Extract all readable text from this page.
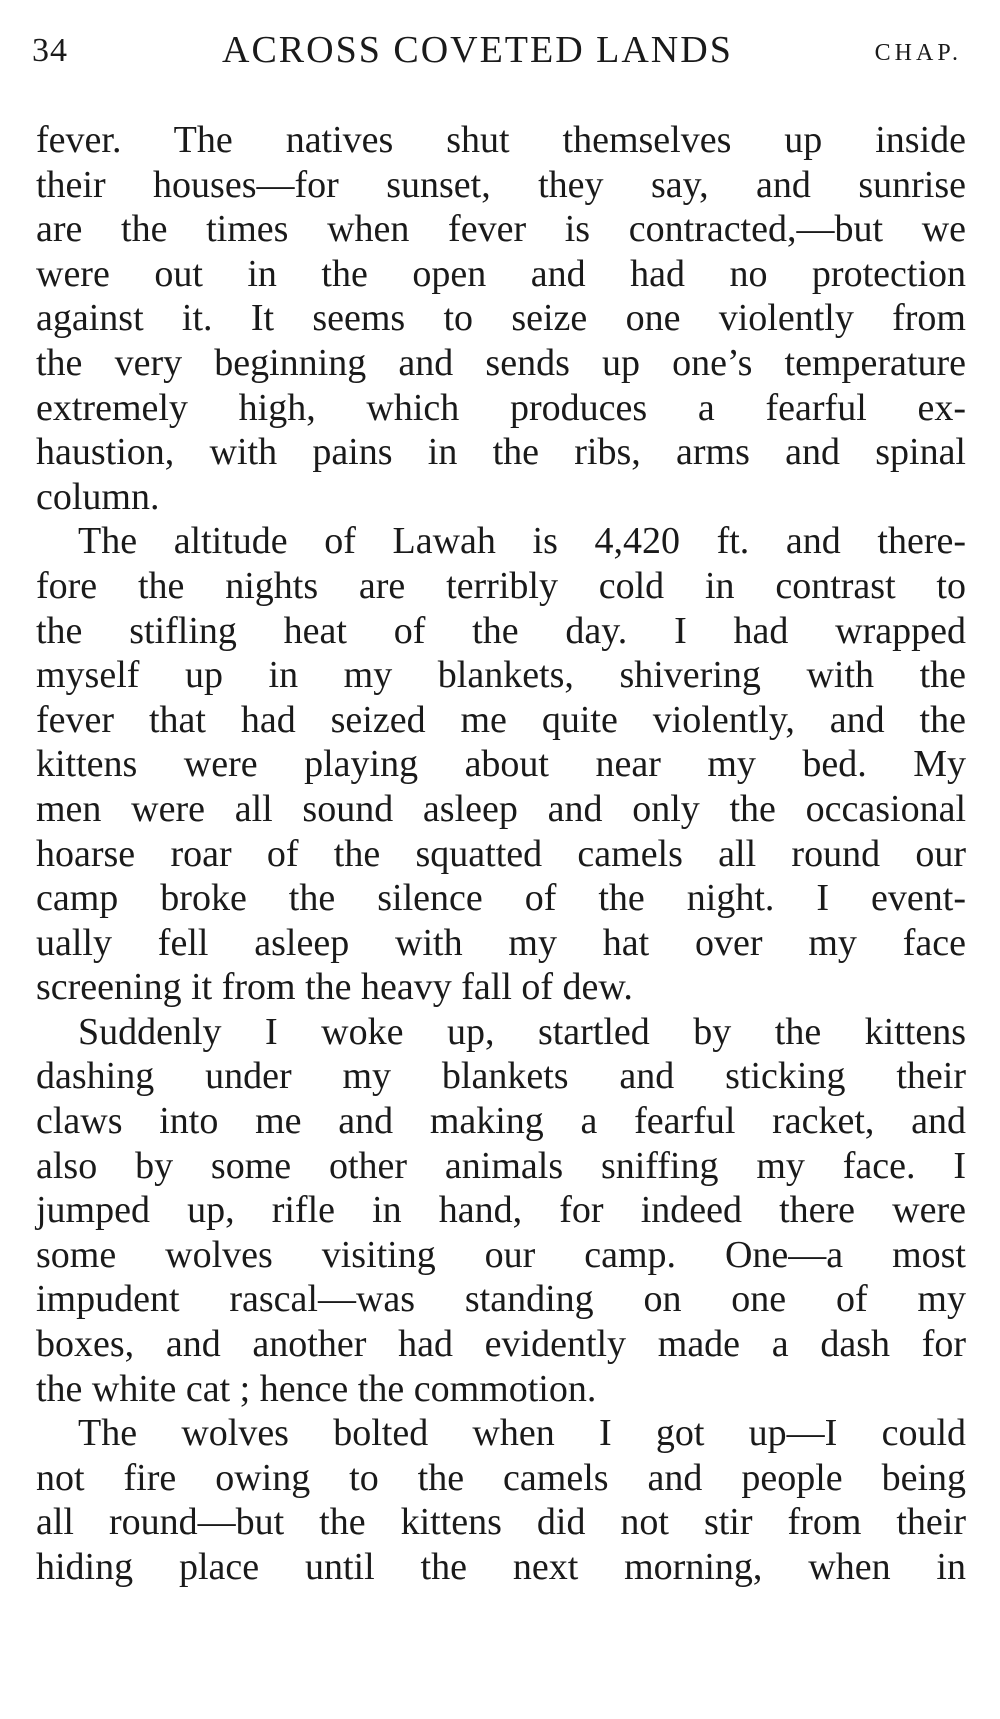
34	ACROSS COVETED LANDS	CHAP.
fever. The natives shut themselves up inside
their houses—for sunset, they say, and sunrise
are the times when fever is contracted,—but we
were out in the open and had no protection
against it. It seems to seize one violently from
the very beginning and sends up one’s temperature
extremely high, which produces a fearful ex-
haustion, with pains in the ribs, arms and spinal
column.
The altitude of Lawah is 4,420 ft. and there-
fore the nights are terribly cold in contrast to
the stifling heat of the day. I had wrapped
myself up in my blankets, shivering with the
fever that had seized me quite violently, and the
kittens were playing about near my bed. My
men were all sound asleep and only the occasional
hoarse roar of the squatted camels all round our
camp broke the silence of the night. I event-
ually fell asleep with my hat over my face
screening it from the heavy fall of dew.
Suddenly I woke up, startled by the kittens
dashing under my blankets and sticking their
claws into me and making a fearful racket, and
also by some other animals sniffing my face. I
jumped up, rifle in hand, for indeed there were
some wolves visiting our camp. One—a most
impudent rascal—was standing on one of my
boxes, and another had evidently made a dash for
the white cat ; hence the commotion.
The wolves bolted when I got up—I could
not fire owing to the camels and people being
all round—but the kittens did not stir from their
hiding place until the next morning, when in
